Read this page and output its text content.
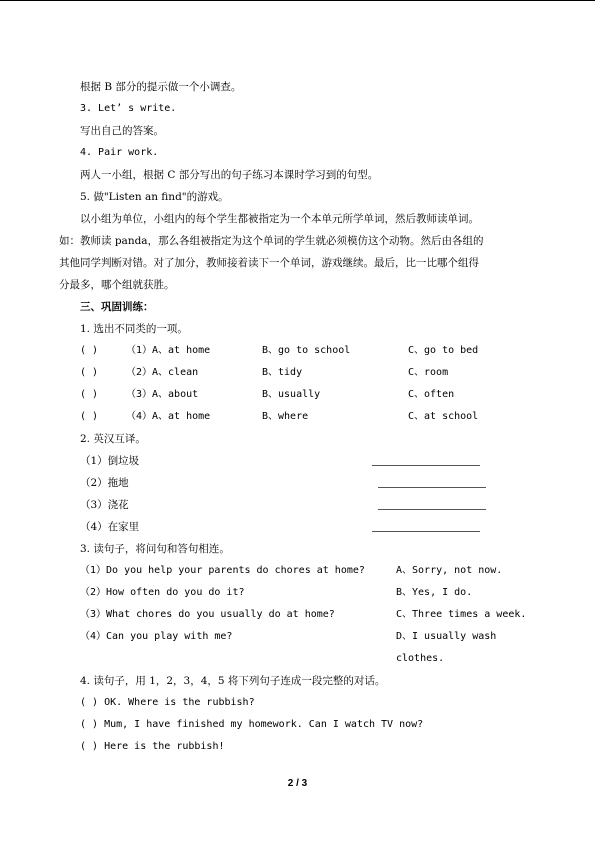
根据 B 部分的提示做一个小调查。
3. Let’ s write.
写出自己的答案。
4. Pair work.
两人一小组，根据 C 部分写出的句子练习本课时学习到的句型。
5. 做"Listen an find"的游戏。
以小组为单位，小组内的每个学生都被指定为一个本单元所学单词，然后教师读单词。
如：教师读 panda，那么各组被指定为这个单词的学生就必须模仿这个动物。然后由各组的
其他同学判断对错。对了加分，教师接着读下一个单词，游戏继续。最后，比一比哪个组得
分最多，哪个组就获胜。
三、巩固训练：
1. 选出不同类的一项。
( )	（1）A、at home	B、go to school	C、go to bed
( )	（2）A、clean	B、tidy	C、room
( )	（3）A、about	B、usually	C、often
( )	（4）A、at home	B、where	C、at school
2. 英汉互译。
（1）倒垃圾
（2）拖地
（3）浇花
（4）在家里
3. 读句子，将问句和答句相连。
（1）Do you help your parents do chores at home?	A、Sorry, not now.
（2）How often do you do it?	B、Yes, I do.
（3）What chores do you usually do at home?	C、Three times a week.
（4）Can you play with me?	D、I usually wash
clothes.
4. 读句子，用 1，2，3，4，5 将下列句子连成一段完整的对话。
( ) OK. Where is the rubbish?
( ) Mum, I have finished my homework. Can I watch TV now?
( ) Here is the rubbish!
2 / 3
